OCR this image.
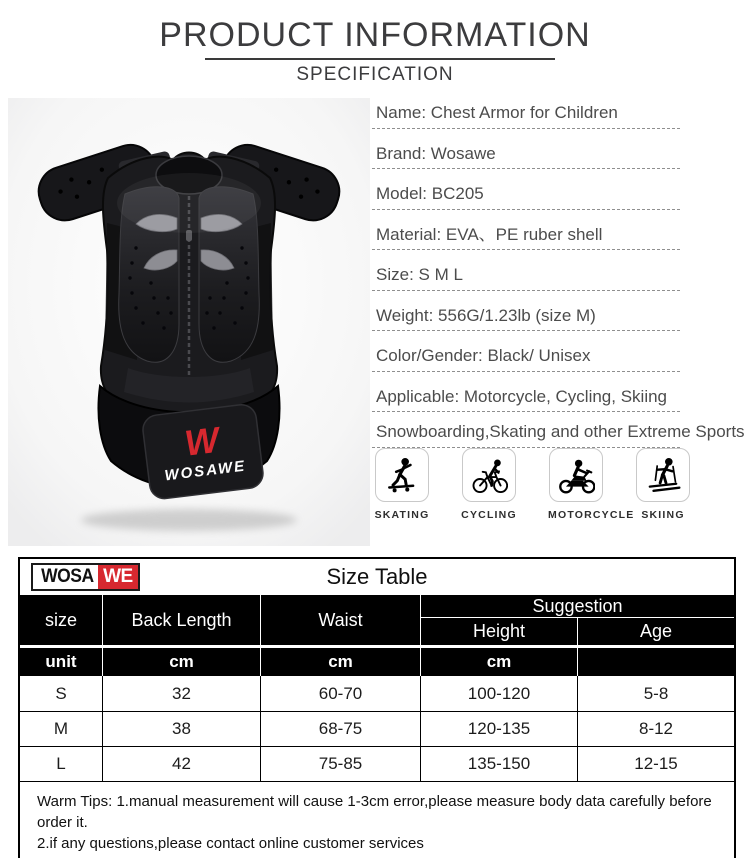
PRODUCT INFORMATION
SPECIFICATION
W
WOSAWE
Name: Chest Armor for Children
Brand: Wosawe
Model: BC205
Material: EVA、PE ruber shell
Size: S M L
Weight: 556G/1.23lb (size M)
Color/Gender: Black/ Unisex
Applicable: Motorcycle, Cycling, Skiing
Snowboarding,Skating and other Extreme Sports
SKATING	CYCLING	MOTORCYCLE SKIING
WOSA WE	Size Table
size	Back Length	Waist
Suggestion
Height	Age
unit	cm	cm	cm
S	32	60-70	100-120	5-8
M	38	68-75	120-135	8-12
L	42	75-85	135-150	12-15
Warm Tips: 1.manual measurement will cause 1-3cm error,please measure body data carefully before order it.
2.if any questions,please contact online customer services
